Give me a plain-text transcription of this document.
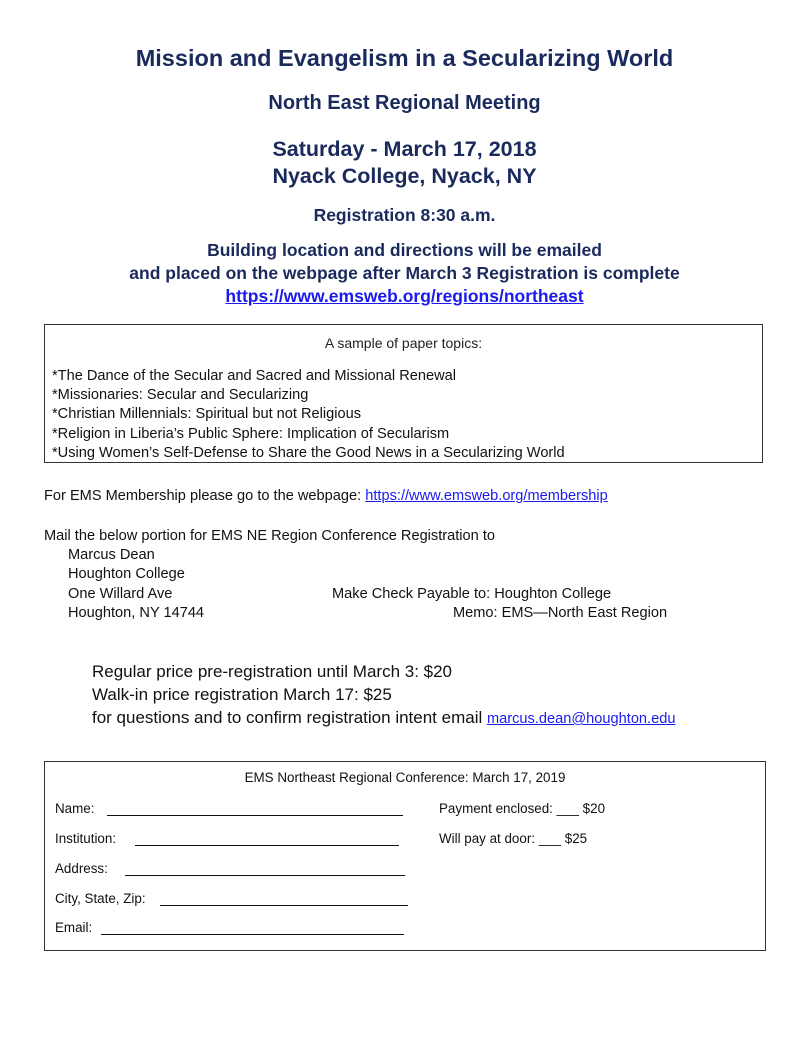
Mission and Evangelism in a Secularizing World
North East Regional Meeting
Saturday - March 17, 2018
Nyack College, Nyack, NY
Registration 8:30 a.m.
Building location and directions will be emailed
and placed on the webpage after March 3 Registration is complete
https://www.emsweb.org/regions/northeast
A sample of paper topics:
*The Dance of the Secular and Sacred and Missional Renewal
*Missionaries: Secular and Secularizing
*Christian Millennials: Spiritual but not Religious
*Religion in Liberia’s Public Sphere: Implication of Secularism
*Using Women’s Self-Defense to Share the Good News in a Secularizing World
For EMS Membership please go to the webpage: https://www.emsweb.org/membership
Mail the below portion for EMS NE Region Conference Registration to
Marcus Dean
Houghton College
One Willard Ave
Houghton, NY 14744
Make Check Payable to: Houghton College
Memo: EMS—North East Region
Regular price pre-registration until March 3: $20
Walk-in price registration March 17: $25
for questions and to confirm registration intent email marcus.dean@houghton.edu
EMS Northeast Regional Conference: March 17, 2019
Name:
Institution:
Address:
City, State, Zip:
Email:
Payment enclosed: ___ $20
Will pay at door: ___ $25
